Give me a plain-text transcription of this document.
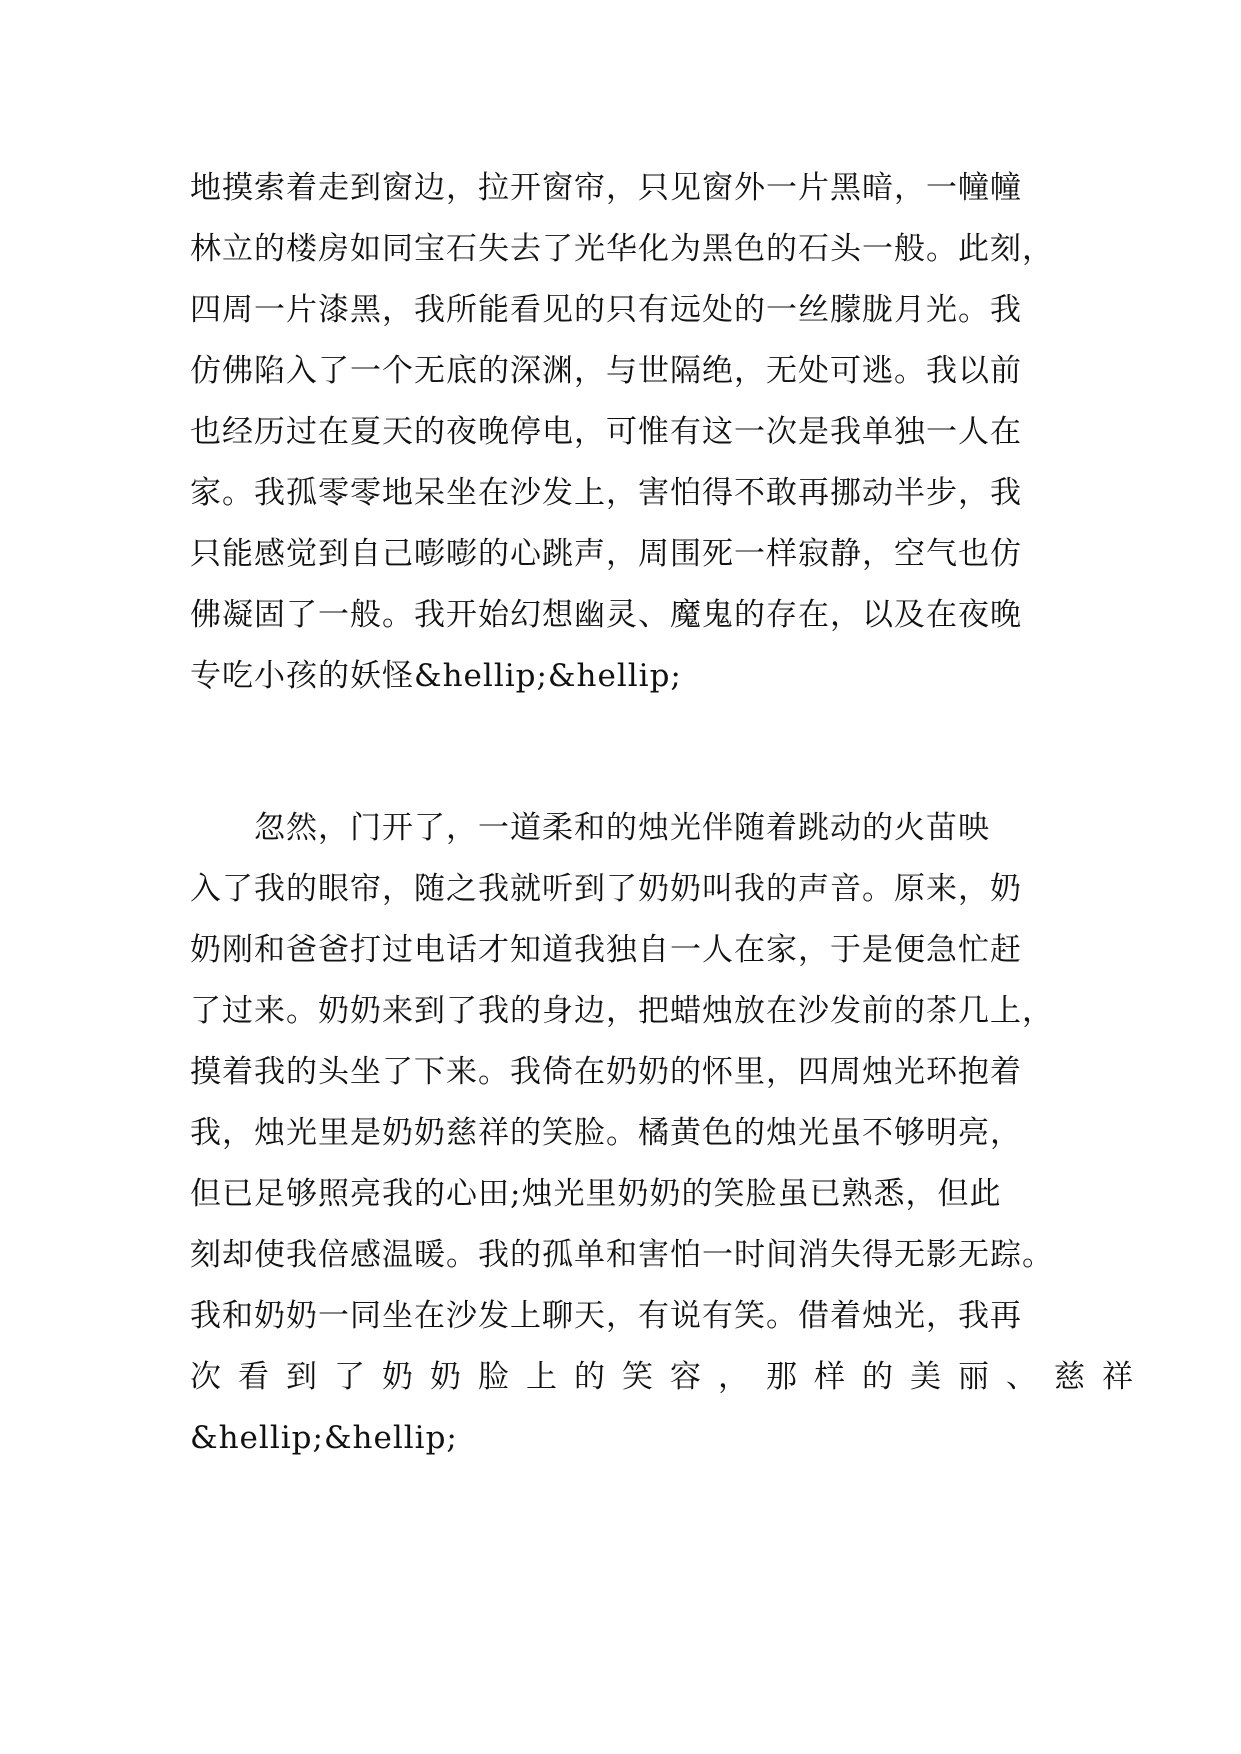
地摸索着走到窗边，拉开窗帘，只见窗外一片黑暗，一幢幢
林立的楼房如同宝石失去了光华化为黑色的石头一般。此刻，
四周一片漆黑，我所能看见的只有远处的一丝朦胧月光。我
仿佛陷入了一个无底的深渊，与世隔绝，无处可逃。我以前
也经历过在夏天的夜晚停电，可惟有这一次是我单独一人在
家。我孤零零地呆坐在沙发上，害怕得不敢再挪动半步，我
只能感觉到自己嘭嘭的心跳声，周围死一样寂静，空气也仿
佛凝固了一般。我开始幻想幽灵、魔鬼的存在，以及在夜晚
专吃小孩的妖怪&hellip;&hellip;
　　忽然，门开了，一道柔和的烛光伴随着跳动的火苗映
入了我的眼帘，随之我就听到了奶奶叫我的声音。原来，奶
奶刚和爸爸打过电话才知道我独自一人在家，于是便急忙赶
了过来。奶奶来到了我的身边，把蜡烛放在沙发前的茶几上，
摸着我的头坐了下来。我倚在奶奶的怀里，四周烛光环抱着
我，烛光里是奶奶慈祥的笑脸。橘黄色的烛光虽不够明亮，
但已足够照亮我的心田;烛光里奶奶的笑脸虽已熟悉，但此
刻却使我倍感温暖。我的孤单和害怕一时间消失得无影无踪。
我和奶奶一同坐在沙发上聊天，有说有笑。借着烛光，我再
次看到了奶奶脸上的笑容，那样的美丽、慈祥
&hellip;&hellip;
